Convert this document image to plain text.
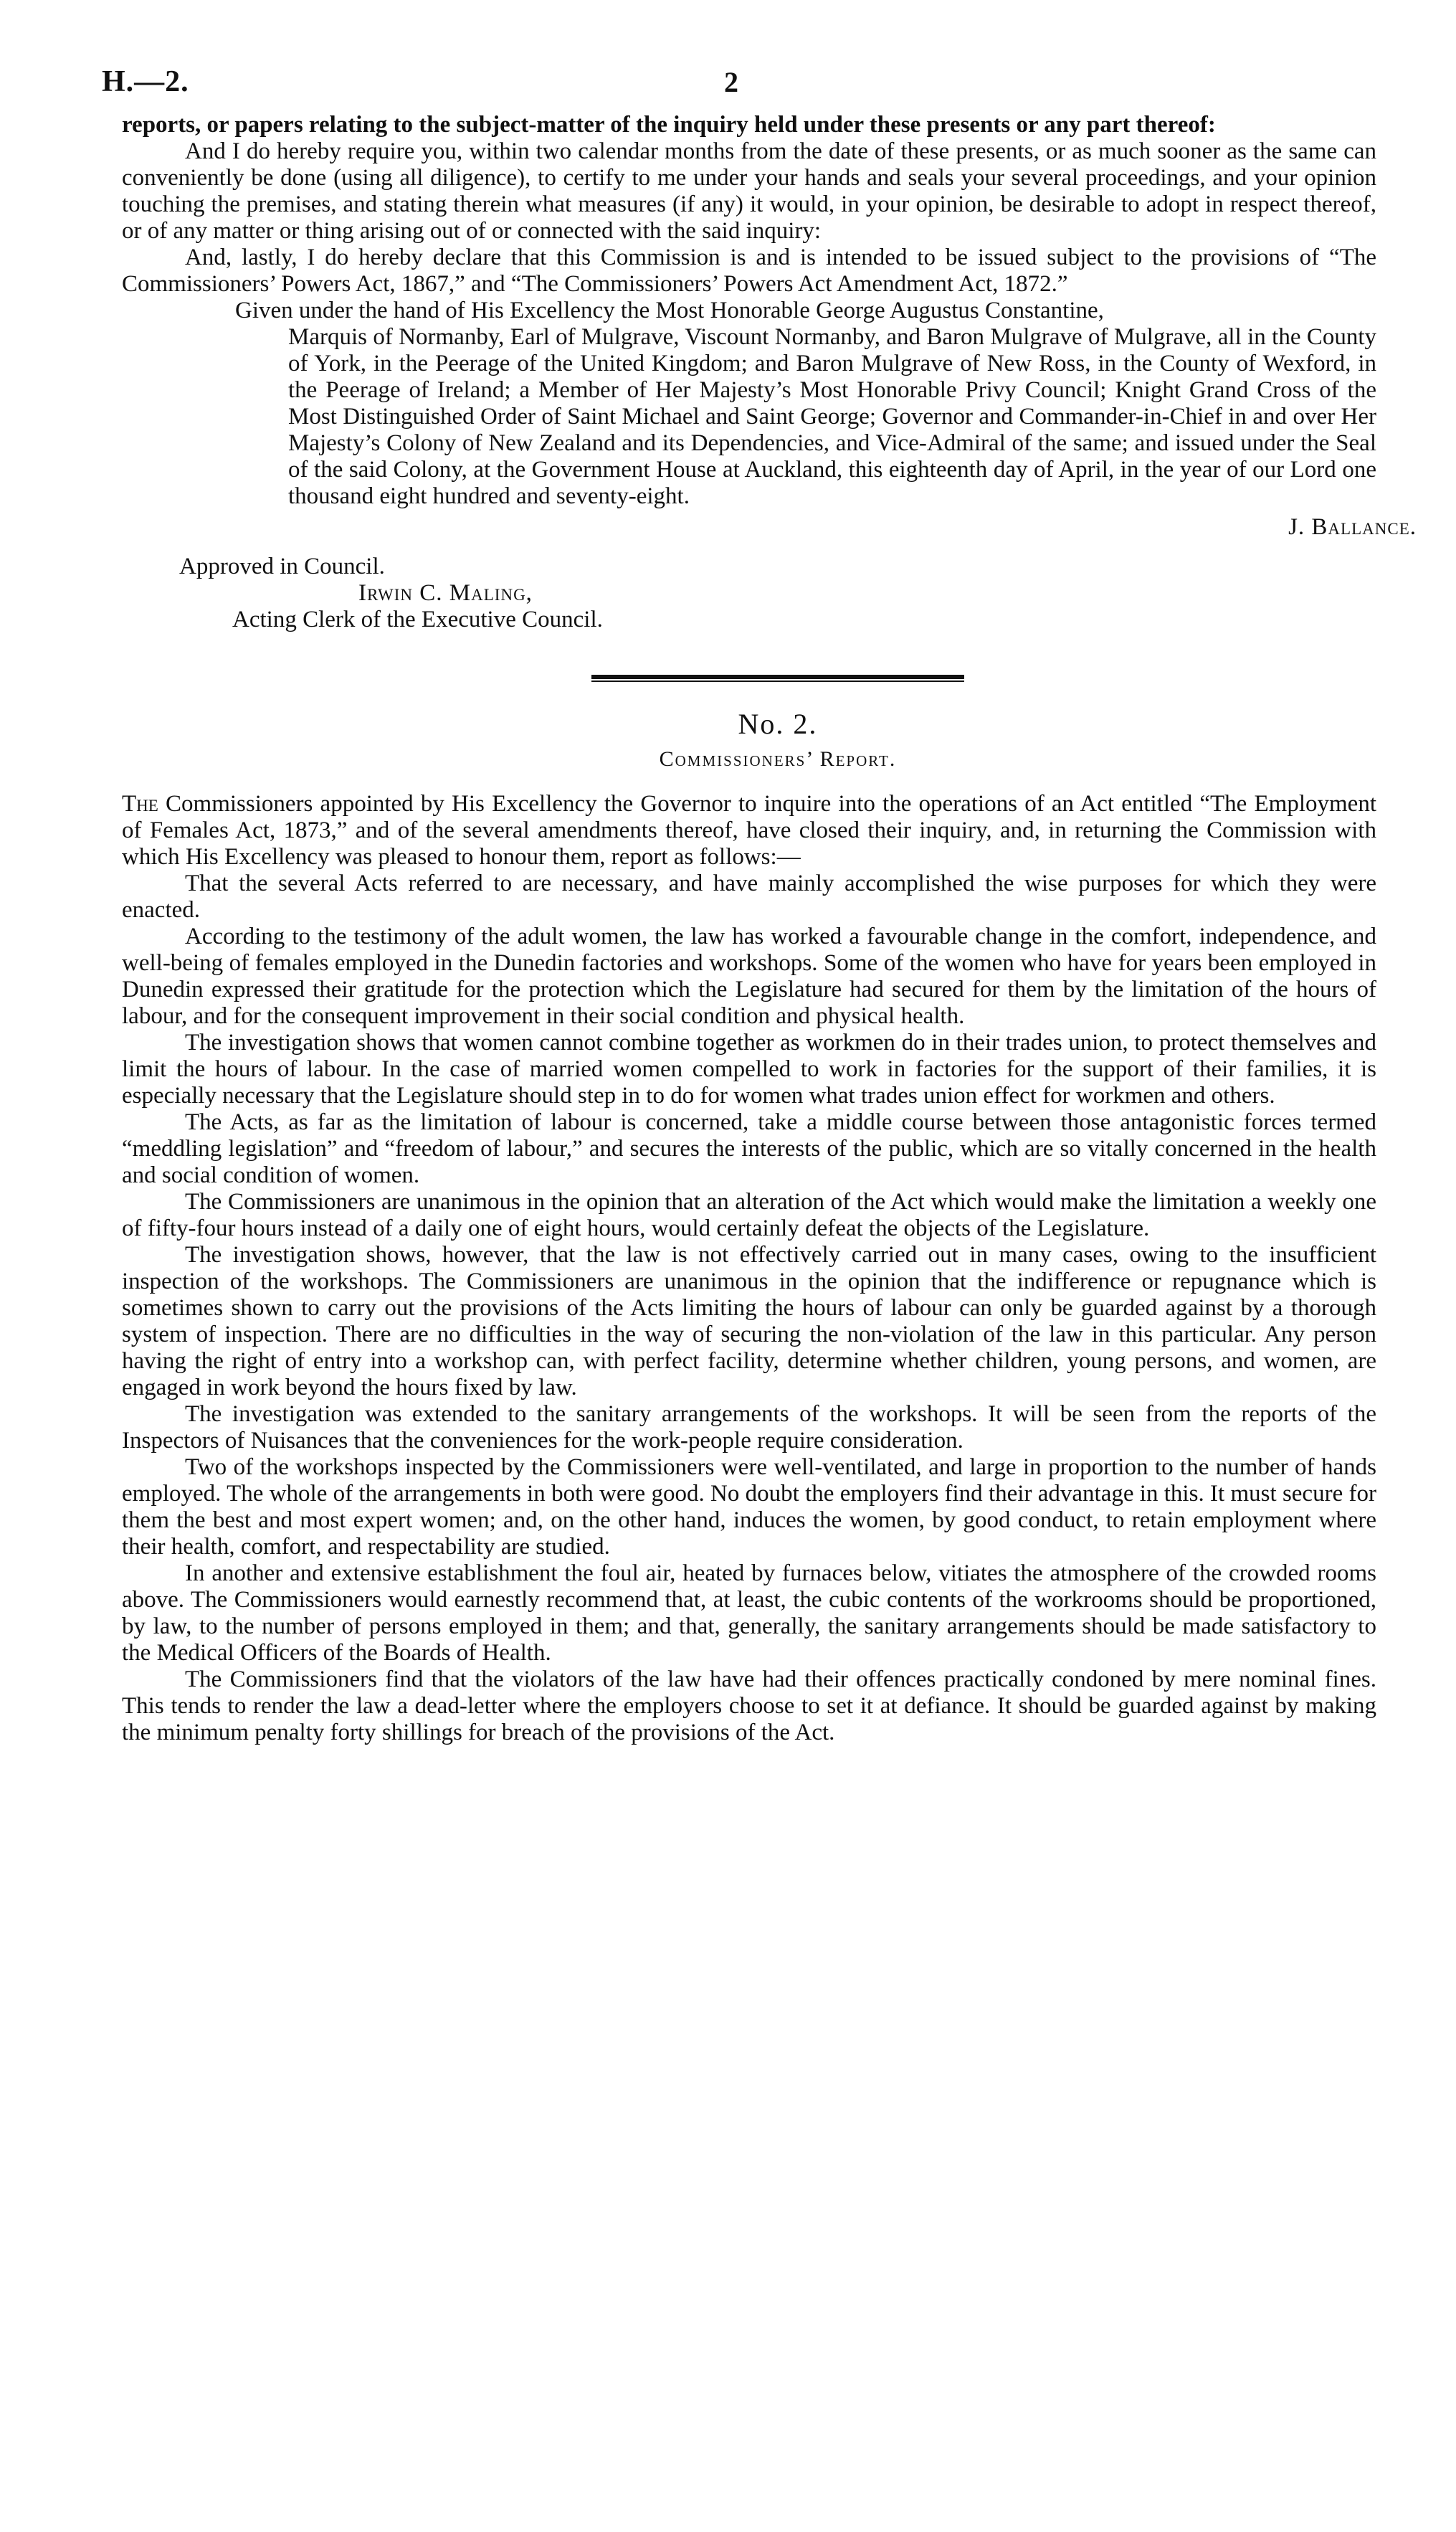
H.—2.	2

reports, or papers relating to the subject-matter of the inquiry held under these presents or any part thereof:

And I do hereby require you, within two calendar months from the date of these presents, or as much sooner as the same can conveniently be done (using all diligence), to certify to me under your hands and seals your several proceedings, and your opinion touching the premises, and stating therein what measures (if any) it would, in your opinion, be desirable to adopt in respect thereof, or of any matter or thing arising out of or connected with the said inquiry:

And, lastly, I do hereby declare that this Commission is and is intended to be issued subject to the provisions of “The Commissioners’ Powers Act, 1867,” and “The Commissioners’ Powers Act Amendment Act, 1872.”

Given under the hand of His Excellency the Most Honorable George Augustus Constantine,

Marquis of Normanby, Earl of Mulgrave, Viscount Normanby, and Baron Mulgrave of Mulgrave, all in the County of York, in the Peerage of the United Kingdom; and Baron Mulgrave of New Ross, in the County of Wexford, in the Peerage of Ireland; a Member of Her Majesty’s Most Honorable Privy Council; Knight Grand Cross of the Most Distinguished Order of Saint Michael and Saint George; Governor and Commander-in-Chief in and over Her Majesty’s Colony of New Zealand and its Dependencies, and Vice-Admiral of the same; and issued under the Seal of the said Colony, at the Government House at Auckland, this eighteenth day of April, in the year of our Lord one thousand eight hundred and seventy-eight.
J. Ballance.
Approved in Council.
Irwin C. Maling,
Acting Clerk of the Executive Council.
No. 2.
Commissioners’ Report.

The Commissioners appointed by His Excellency the Governor to inquire into the operations of an Act entitled “The Employment of Females Act, 1873,” and of the several amendments thereof, have closed their inquiry, and, in returning the Commission with which His Excellency was pleased to honour them, report as follows:—

That the several Acts referred to are necessary, and have mainly accomplished the wise purposes for which they were enacted.

According to the testimony of the adult women, the law has worked a favourable change in the comfort, independence, and well-being of females employed in the Dunedin factories and workshops. Some of the women who have for years been employed in Dunedin expressed their gratitude for the protection which the Legislature had secured for them by the limitation of the hours of labour, and for the consequent improvement in their social condition and physical health.

The investigation shows that women cannot combine together as workmen do in their trades union, to protect themselves and limit the hours of labour. In the case of married women compelled to work in factories for the support of their families, it is especially necessary that the Legislature should step in to do for women what trades union effect for workmen and others.

The Acts, as far as the limitation of labour is concerned, take a middle course between those antagonistic forces termed “meddling legislation” and “freedom of labour,” and secures the interests of the public, which are so vitally concerned in the health and social condition of women.

The Commissioners are unanimous in the opinion that an alteration of the Act which would make the limitation a weekly one of fifty-four hours instead of a daily one of eight hours, would certainly defeat the objects of the Legislature.

The investigation shows, however, that the law is not effectively carried out in many cases, owing to the insufficient inspection of the workshops. The Commissioners are unanimous in the opinion that the indifference or repugnance which is sometimes shown to carry out the provisions of the Acts limiting the hours of labour can only be guarded against by a thorough system of inspection. There are no difficulties in the way of securing the non-violation of the law in this particular. Any person having the right of entry into a workshop can, with perfect facility, determine whether children, young persons, and women, are engaged in work beyond the hours fixed by law.

The investigation was extended to the sanitary arrangements of the workshops. It will be seen from the reports of the Inspectors of Nuisances that the conveniences for the work-people require consideration.

Two of the workshops inspected by the Commissioners were well-ventilated, and large in proportion to the number of hands employed. The whole of the arrangements in both were good. No doubt the employers find their advantage in this. It must secure for them the best and most expert women; and, on the other hand, induces the women, by good conduct, to retain employment where their health, comfort, and respectability are studied.

In another and extensive establishment the foul air, heated by furnaces below, vitiates the atmosphere of the crowded rooms above. The Commissioners would earnestly recommend that, at least, the cubic contents of the workrooms should be proportioned, by law, to the number of persons employed in them; and that, generally, the sanitary arrangements should be made satisfactory to the Medical Officers of the Boards of Health.

The Commissioners find that the violators of the law have had their offences practically condoned by mere nominal fines. This tends to render the law a dead-letter where the employers choose to set it at defiance. It should be guarded against by making the minimum penalty forty shillings for breach of the provisions of the Act.
